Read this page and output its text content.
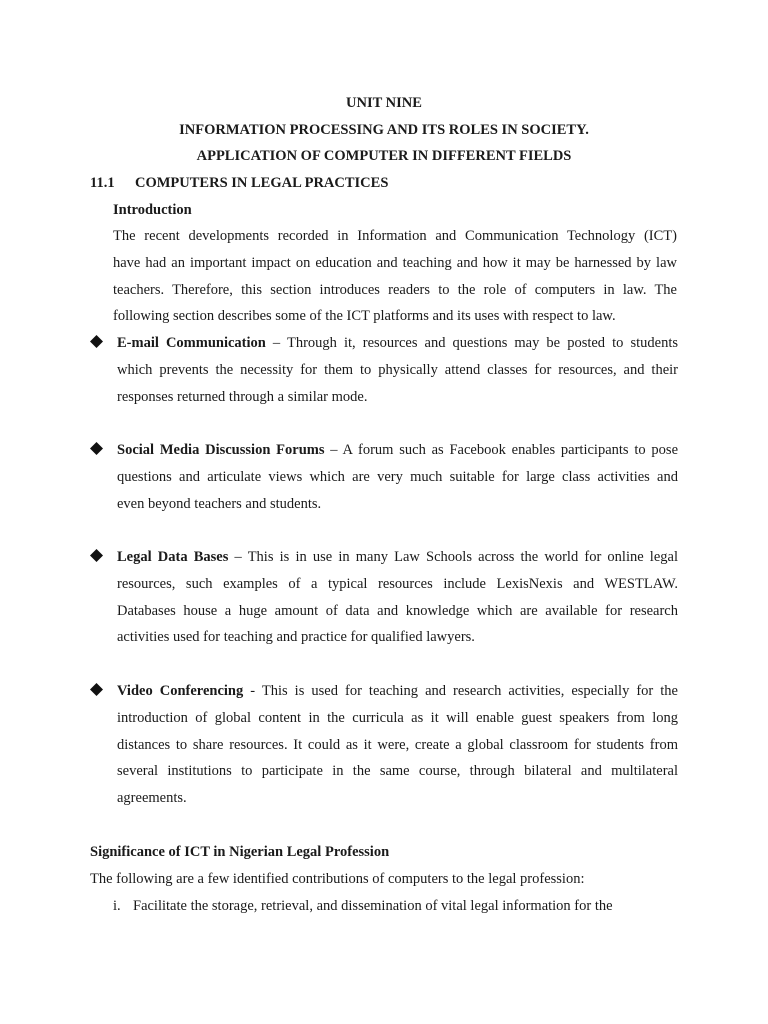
UNIT NINE
INFORMATION PROCESSING AND ITS ROLES IN SOCIETY.
APPLICATION OF COMPUTER IN DIFFERENT FIELDS
11.1 COMPUTERS IN LEGAL PRACTICES
Introduction
The recent developments recorded in Information and Communication Technology (ICT)
have had an important impact on education and teaching and how it may be harnessed by law
teachers. Therefore, this section introduces readers to the role of computers in law. The
following section describes some of the ICT platforms and its uses with respect to law.
E-mail Communication – Through it, resources and questions may be posted to students
which prevents the necessity for them to physically attend classes for resources, and their
responses returned through a similar mode.
Social Media Discussion Forums – A forum such as Facebook enables participants to pose
questions and articulate views which are very much suitable for large class activities and
even beyond teachers and students.
Legal Data Bases – This is in use in many Law Schools across the world for online legal
resources, such examples of a typical resources include LexisNexis and WESTLAW.
Databases house a huge amount of data and knowledge which are available for research
activities used for teaching and practice for qualified lawyers.
Video Conferencing - This is used for teaching and research activities, especially for the
introduction of global content in the curricula as it will enable guest speakers from long
distances to share resources. It could as it were, create a global classroom for students from
several institutions to participate in the same course, through bilateral and multilateral
agreements.
Significance of ICT in Nigerian Legal Profession
The following are a few identified contributions of computers to the legal profession:
i. Facilitate the storage, retrieval, and dissemination of vital legal information for the
